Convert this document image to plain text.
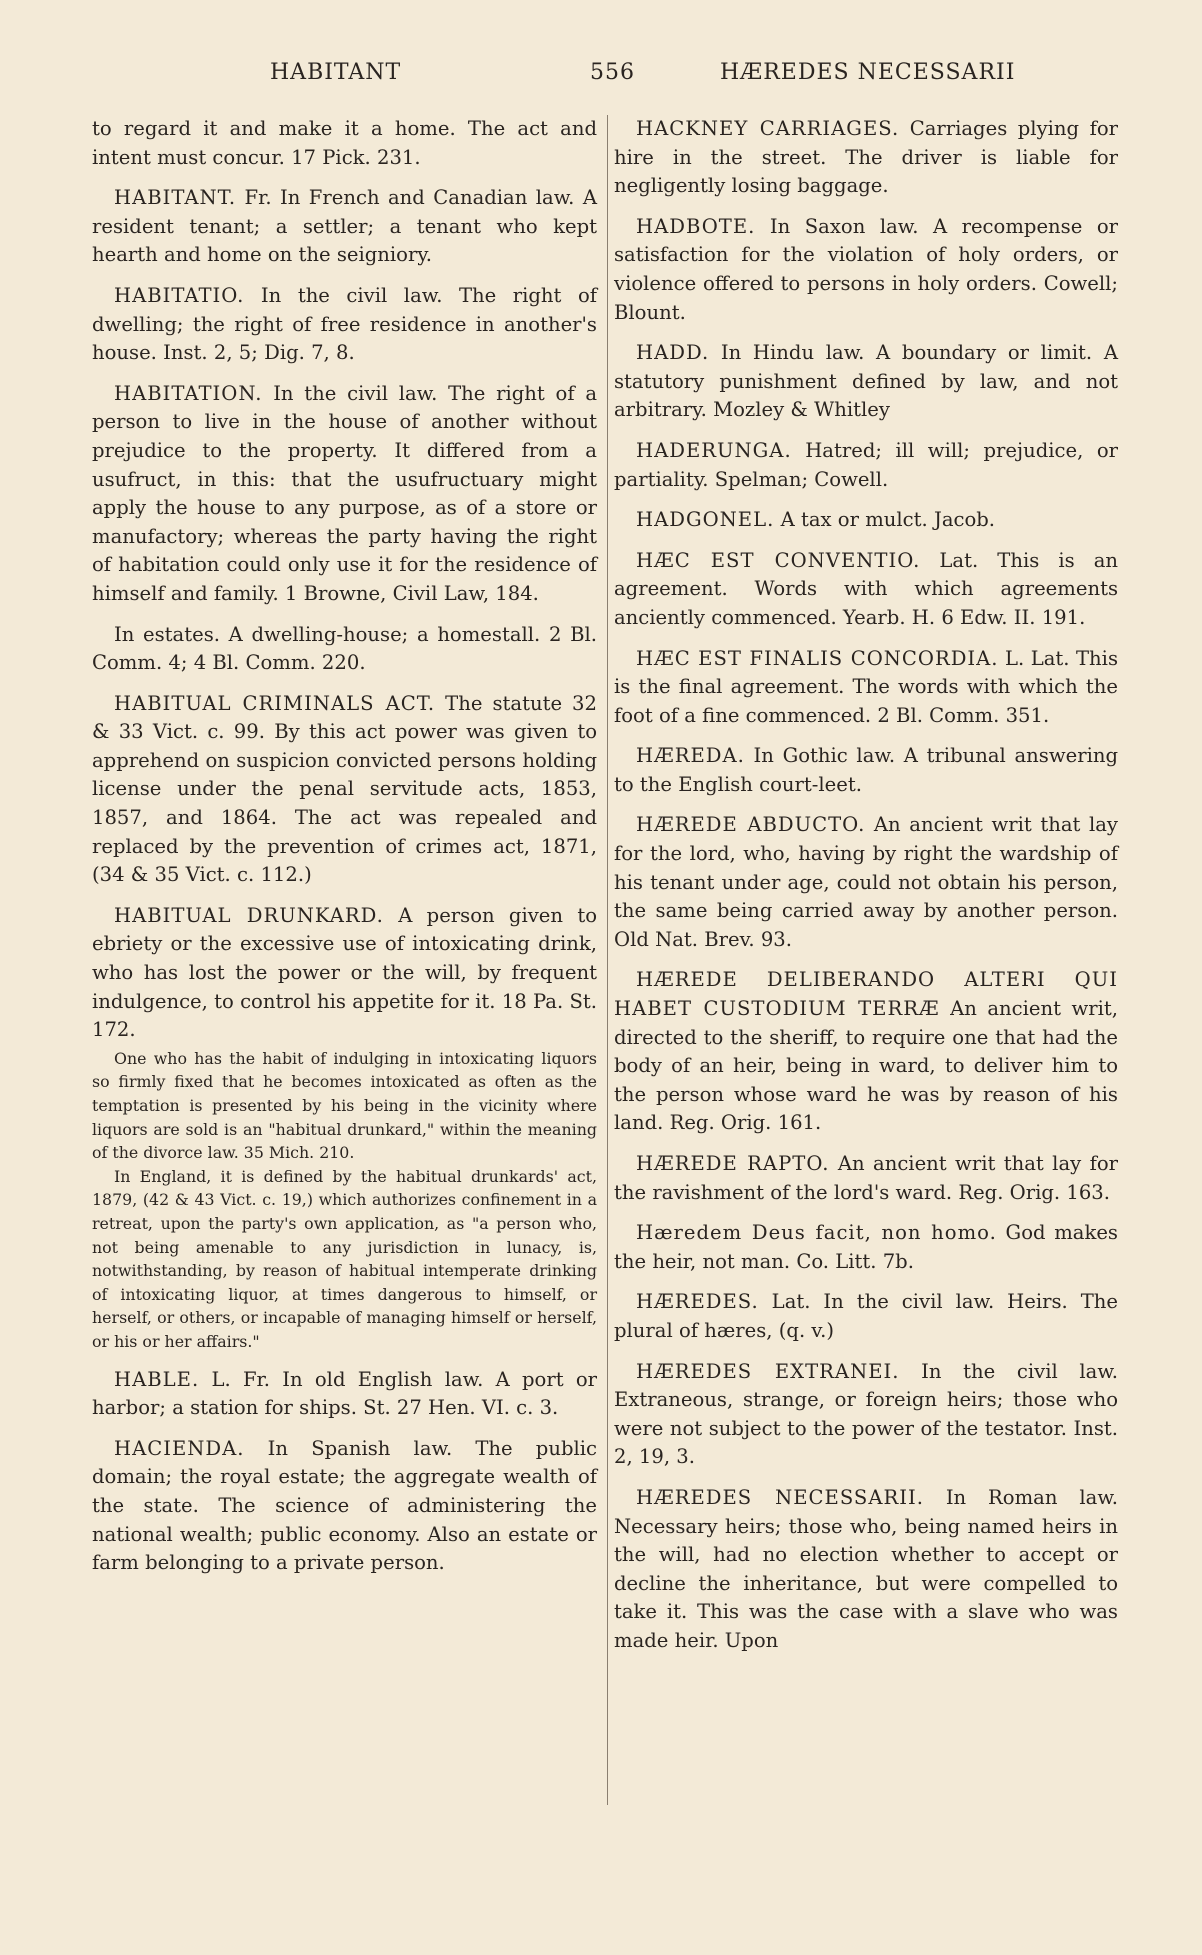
HABITANT	556	HÆREDES NECESSARII

to regard it and make it a home. The act and intent must concur. 17 Pick. 231.

HABITANT. Fr. In French and Canadian law. A resident tenant; a settler; a tenant who kept hearth and home on the seigniory.

HABITATIO. In the civil law. The right of dwelling; the right of free residence in another's house. Inst. 2, 5; Dig. 7, 8.

HABITATION. In the civil law. The right of a person to live in the house of another without prejudice to the property. It differed from a usufruct, in this: that the usufructuary might apply the house to any purpose, as of a store or manufactory; whereas the party having the right of habitation could only use it for the residence of himself and family. 1 Browne, Civil Law, 184.

In estates. A dwelling-house; a homestall. 2 Bl. Comm. 4; 4 Bl. Comm. 220.

HABITUAL CRIMINALS ACT. The statute 32 & 33 Vict. c. 99. By this act power was given to apprehend on suspicion convicted persons holding license under the penal servitude acts, 1853, 1857, and 1864. The act was repealed and replaced by the prevention of crimes act, 1871, (34 & 35 Vict. c. 112.)

HABITUAL DRUNKARD. A person given to ebriety or the excessive use of intoxicating drink, who has lost the power or the will, by frequent indulgence, to control his appetite for it. 18 Pa. St. 172.

One who has the habit of indulging in intoxicating liquors so firmly fixed that he becomes intoxicated as often as the temptation is presented by his being in the vicinity where liquors are sold is an "habitual drunkard," within the meaning of the divorce law. 35 Mich. 210.

In England, it is defined by the habitual drunkards' act, 1879, (42 & 43 Vict. c. 19,) which authorizes confinement in a retreat, upon the party's own application, as "a person who, not being amenable to any jurisdiction in lunacy, is, notwithstanding, by reason of habitual intemperate drinking of intoxicating liquor, at times dangerous to himself, or herself, or others, or incapable of managing himself or herself, or his or her affairs."

HABLE. L. Fr. In old English law. A port or harbor; a station for ships. St. 27 Hen. VI. c. 3.

HACIENDA. In Spanish law. The public domain; the royal estate; the aggregate wealth of the state. The science of administering the national wealth; public economy. Also an estate or farm belonging to a private person.

HACKNEY CARRIAGES. Carriages plying for hire in the street. The driver is liable for negligently losing baggage.

HADBOTE. In Saxon law. A recompense or satisfaction for the violation of holy orders, or violence offered to persons in holy orders. Cowell; Blount.

HADD. In Hindu law. A boundary or limit. A statutory punishment defined by law, and not arbitrary. Mozley & Whitley

HADERUNGA. Hatred; ill will; prejudice, or partiality. Spelman; Cowell.

HADGONEL. A tax or mulct. Jacob.

HÆC EST CONVENTIO. Lat. This is an agreement. Words with which agreements anciently commenced. Yearb. H. 6 Edw. II. 191.

HÆC EST FINALIS CONCORDIA. L. Lat. This is the final agreement. The words with which the foot of a fine commenced. 2 Bl. Comm. 351.

HÆREDA. In Gothic law. A tribunal answering to the English court-leet.

HÆREDE ABDUCTO. An ancient writ that lay for the lord, who, having by right the wardship of his tenant under age, could not obtain his person, the same being carried away by another person. Old Nat. Brev. 93.

HÆREDE DELIBERANDO ALTERI QUI HABET CUSTODIUM TERRÆ An ancient writ, directed to the sheriff, to require one that had the body of an heir, being in ward, to deliver him to the person whose ward he was by reason of his land. Reg. Orig. 161.

HÆREDE RAPTO. An ancient writ that lay for the ravishment of the lord's ward. Reg. Orig. 163.

Hæredem Deus facit, non homo. God makes the heir, not man. Co. Litt. 7b.

HÆREDES. Lat. In the civil law. Heirs. The plural of hæres, (q. v.)

HÆREDES EXTRANEI. In the civil law. Extraneous, strange, or foreign heirs; those who were not subject to the power of the testator. Inst. 2, 19, 3.

HÆREDES NECESSARII. In Roman law. Necessary heirs; those who, being named heirs in the will, had no election whether to accept or decline the inheritance, but were compelled to take it. This was the case with a slave who was made heir. Upon
